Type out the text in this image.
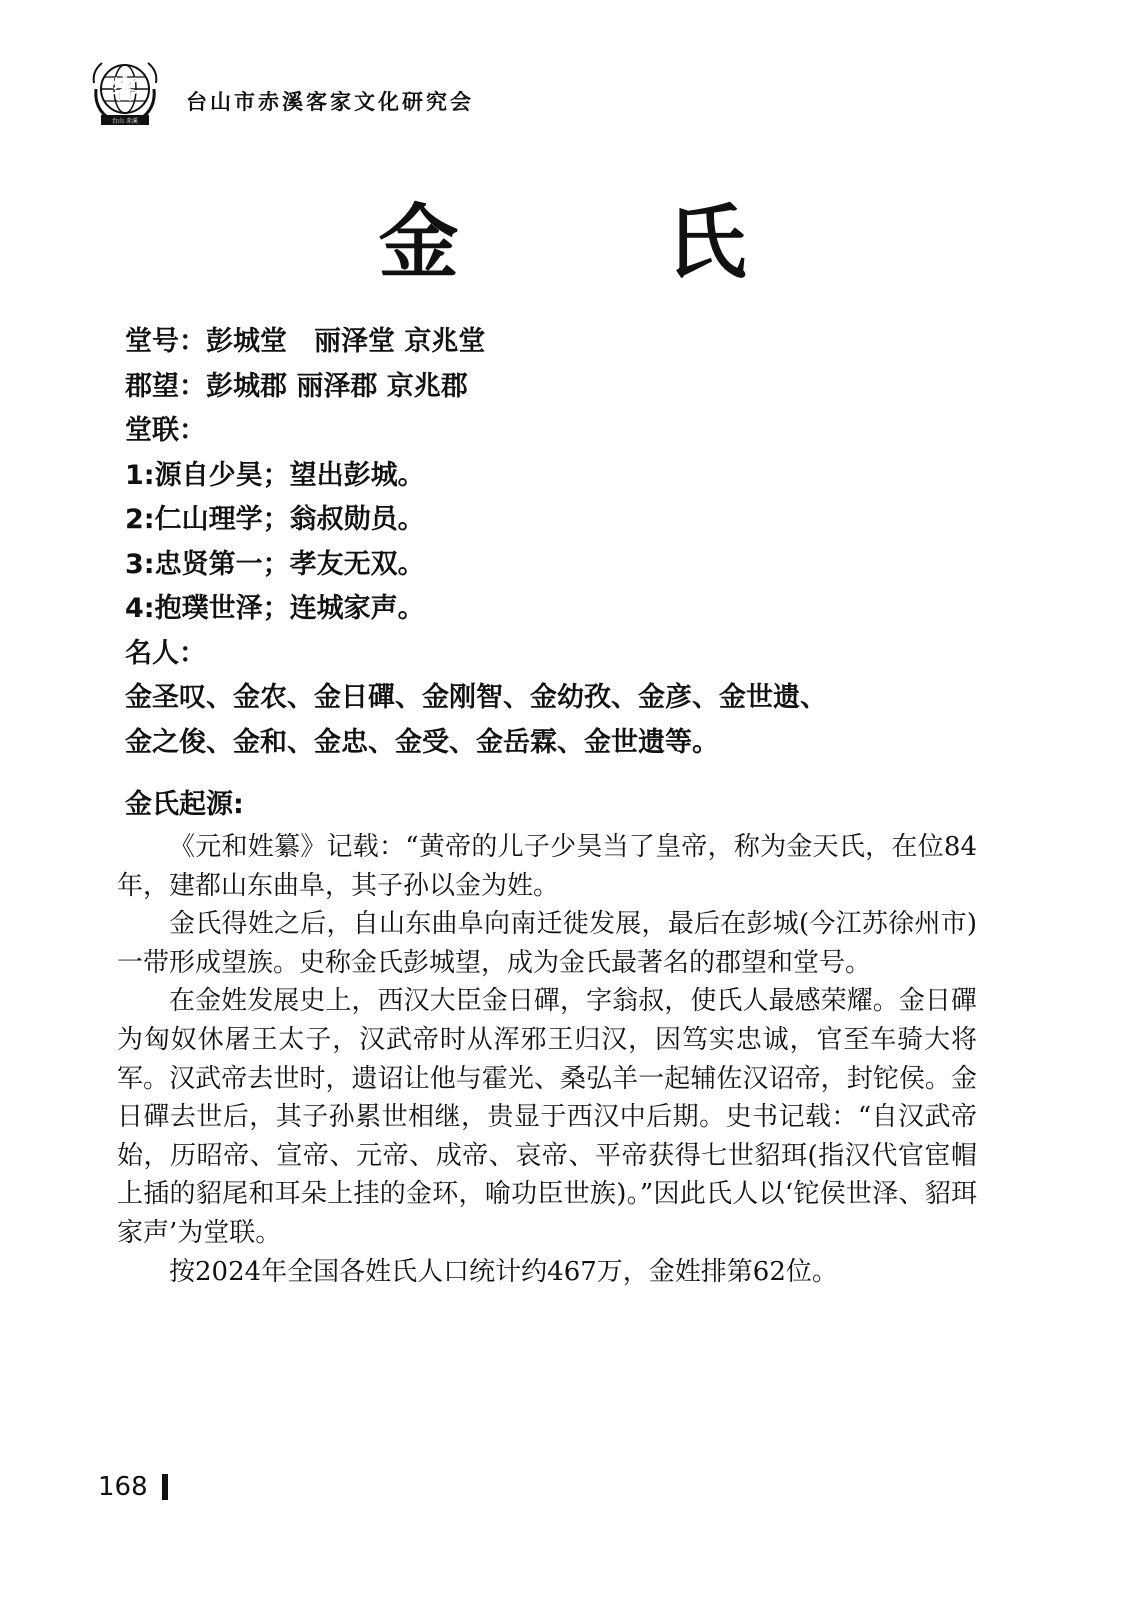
客
台山 赤溪
台山市赤溪客家文化研究会
金 氏
堂号：彭城堂　丽泽堂 京兆堂
郡望：彭城郡 丽泽郡 京兆郡
堂联：
1:源自少昊；望出彭城。
2:仁山理学；翁叔勋员。
3:忠贤第一；孝友无双。
4:抱璞世泽；连城家声。
名人：
金圣叹、金农、金日磾、金刚智、金幼孜、金彦、金世遗、
金之俊、金和、金忠、金受、金岳霖、金世遗等。
金氏起源:

《元和姓纂》记载：“黄帝的儿子少昊当了皇帝，称为金天氏，在位84年，建都山东曲阜，其子孙以金为姓。

金氏得姓之后，自山东曲阜向南迁徙发展，最后在彭城(今江苏徐州市)一带形成望族。史称金氏彭城望，成为金氏最著名的郡望和堂号。

在金姓发展史上，西汉大臣金日磾，字翁叔，使氏人最感荣耀。金日磾为匈奴休屠王太子，汉武帝时从浑邪王归汉，因笃实忠诚，官至车骑大将军。汉武帝去世时，遗诏让他与霍光、桑弘羊一起辅佐汉诏帝，封铊侯。金日磾去世后，其子孙累世相继，贵显于西汉中后期。史书记载：“自汉武帝始，历昭帝、宣帝、元帝、成帝、哀帝、平帝获得七世貂珥(指汉代官宦帽上插的貂尾和耳朵上挂的金环，喻功臣世族)。”因此氏人以‘铊侯世泽、貂珥家声’为堂联。

按2024年全国各姓氏人口统计约467万，金姓排第62位。

168
